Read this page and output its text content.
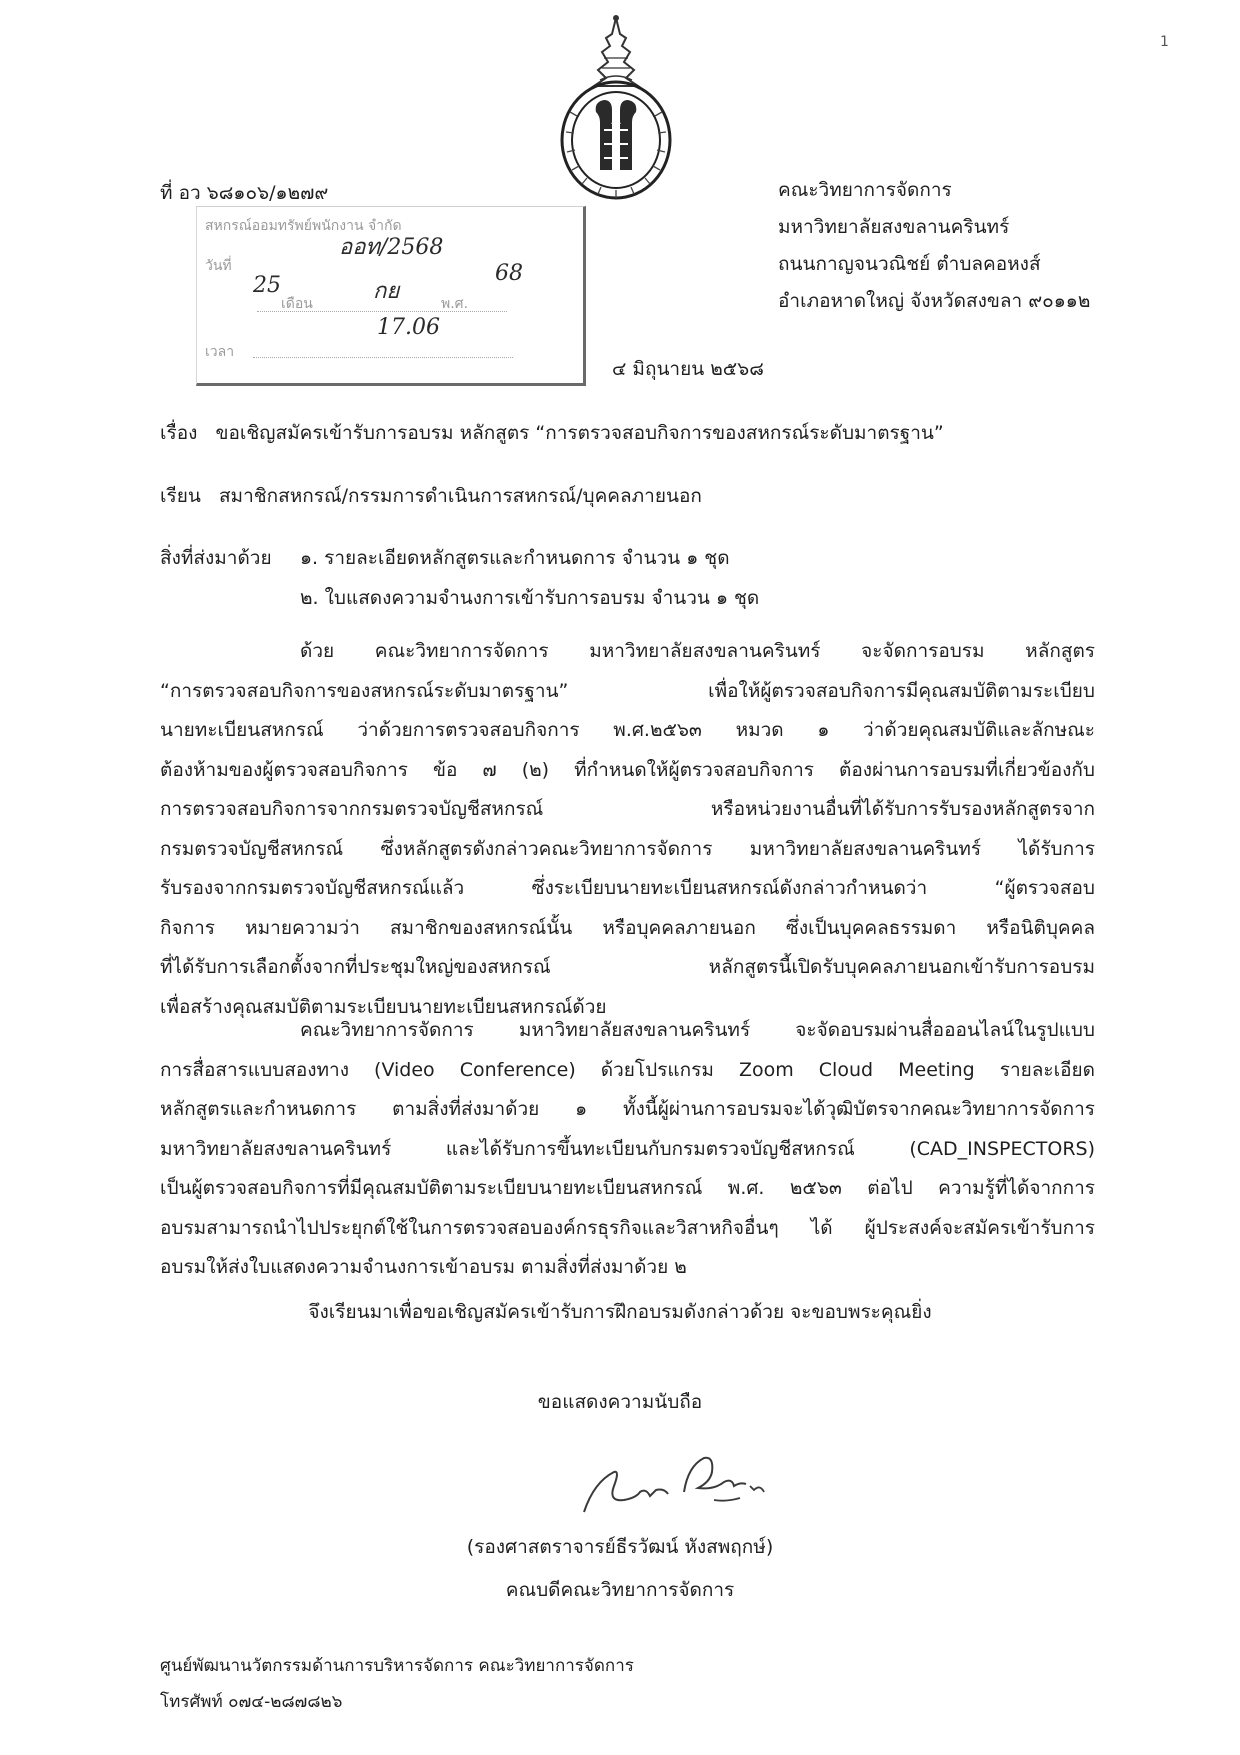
1
ที่ อว ๖๘๑๐๖/๑๒๗๙	คณะวิทยาการจัดการ
มหาวิทยาลัยสงขลานครินทร์
ถนนกาญจนวณิชย์ ตำบลคอหงส์
อำเภอหาดใหญ่ จังหวัดสงขลา ๙๐๑๑๒
สหกรณ์ออมทรัพย์พนักงาน จำกัด
ออท/2568
วันที่
25
เดือน	กย	พ.ศ.
68
17.06
เวลา
๔ มิถุนายน ๒๕๖๘
เรื่อง ขอเชิญสมัครเข้ารับการอบรม หลักสูตร “การตรวจสอบกิจการของสหกรณ์ระดับมาตรฐาน”
เรียน สมาชิกสหกรณ์/กรรมการดำเนินการสหกรณ์/บุคคลภายนอก
สิ่งที่ส่งมาด้วย ๑. รายละเอียดหลักสูตรและกำหนดการ จำนวน ๑ ชุด
๒. ใบแสดงความจำนงการเข้ารับการอบรม จำนวน ๑ ชุด
ด้วย คณะวิทยาการจัดการ มหาวิทยาลัยสงขลานครินทร์ จะจัดการอบรม หลักสูตร
“การตรวจสอบกิจการของสหกรณ์ระดับมาตรฐาน” เพื่อให้ผู้ตรวจสอบกิจการมีคุณสมบัติตามระเบียบ
นายทะเบียนสหกรณ์ ว่าด้วยการตรวจสอบกิจการ พ.ศ.๒๕๖๓ หมวด ๑ ว่าด้วยคุณสมบัติและลักษณะ
ต้องห้ามของผู้ตรวจสอบกิจการ ข้อ ๗ (๒) ที่กำหนดให้ผู้ตรวจสอบกิจการ ต้องผ่านการอบรมที่เกี่ยวข้องกับ
การตรวจสอบกิจการจากกรมตรวจบัญชีสหกรณ์ หรือหน่วยงานอื่นที่ได้รับการรับรองหลักสูตรจาก
กรมตรวจบัญชีสหกรณ์ ซึ่งหลักสูตรดังกล่าวคณะวิทยาการจัดการ มหาวิทยาลัยสงขลานครินทร์ ได้รับการ
รับรองจากกรมตรวจบัญชีสหกรณ์แล้ว ซึ่งระเบียบนายทะเบียนสหกรณ์ดังกล่าวกำหนดว่า “ผู้ตรวจสอบ
กิจการ หมายความว่า สมาชิกของสหกรณ์นั้น หรือบุคคลภายนอก ซึ่งเป็นบุคคลธรรมดา หรือนิติบุคคล
ที่ได้รับการเลือกตั้งจากที่ประชุมใหญ่ของสหกรณ์ หลักสูตรนี้เปิดรับบุคคลภายนอกเข้ารับการอบรม
เพื่อสร้างคุณสมบัติตามระเบียบนายทะเบียนสหกรณ์ด้วย
คณะวิทยาการจัดการ มหาวิทยาลัยสงขลานครินทร์ จะจัดอบรมผ่านสื่อออนไลน์ในรูปแบบ
การสื่อสารแบบสองทาง (Video Conference) ด้วยโปรแกรม Zoom Cloud Meeting รายละเอียด
หลักสูตรและกำหนดการ ตามสิ่งที่ส่งมาด้วย ๑ ทั้งนี้ผู้ผ่านการอบรมจะได้วุฒิบัตรจากคณะวิทยาการจัดการ
มหาวิทยาลัยสงขลานครินทร์ และได้รับการขึ้นทะเบียนกับกรมตรวจบัญชีสหกรณ์ (CAD_INSPECTORS)
เป็นผู้ตรวจสอบกิจการที่มีคุณสมบัติตามระเบียบนายทะเบียนสหกรณ์ พ.ศ. ๒๕๖๓ ต่อไป ความรู้ที่ได้จากการ
อบรมสามารถนำไปประยุกต์ใช้ในการตรวจสอบองค์กรธุรกิจและวิสาหกิจอื่นๆ ได้ ผู้ประสงค์จะสมัครเข้ารับการ
อบรมให้ส่งใบแสดงความจำนงการเข้าอบรม ตามสิ่งที่ส่งมาด้วย ๒
จึงเรียนมาเพื่อขอเชิญสมัครเข้ารับการฝึกอบรมดังกล่าวด้วย จะขอบพระคุณยิ่ง
ขอแสดงความนับถือ
(รองศาสตราจารย์ธีรวัฒน์ หังสพฤกษ์)
คณบดีคณะวิทยาการจัดการ
ศูนย์พัฒนานวัตกรรมด้านการบริหารจัดการ คณะวิทยาการจัดการ
โทรศัพท์ ๐๗๔-๒๘๗๘๒๖
